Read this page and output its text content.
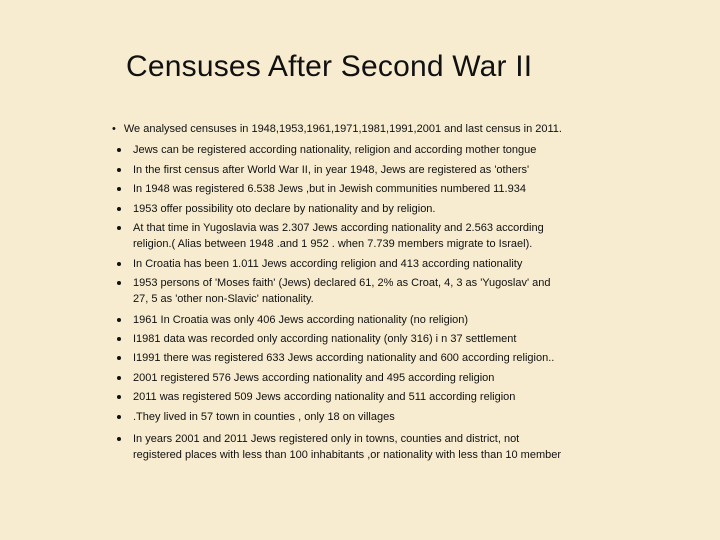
Censuses After Second War II
• We analysed censuses in 1948,1953,1961,1971,1981,1991,2001 and last census in 2011.
Jews can be registered according nationality, religion and according mother tongue
In the first census after World War II, in year 1948, Jews are registered as 'others'
In 1948 was registered 6.538 Jews ,but in Jewish communities numbered 11.934
1953 offer possibility oto declare by nationality and by religion.
At that time in Yugoslavia was 2.307 Jews according nationality and 2.563 according
religion.( Alias between 1948 .and 1 952 . when 7.739 members migrate to Israel).
In Croatia has been 1.011 Jews according religion and 413 according nationality
1953 persons of 'Moses faith' (Jews) declared 61, 2% as Croat, 4, 3 as 'Yugoslav' and
27, 5 as 'other non-Slavic' nationality.
1961 In Croatia was only 406 Jews according nationality (no religion)
I1981 data was recorded only according nationality (only 316) i n 37 settlement
I1991 there was registered 633 Jews according nationality and 600 according religion..
2001 registered 576 Jews according nationality and 495 according religion
2011 was registered 509 Jews according nationality and 511 according religion
.They lived in 57 town in counties , only 18 on villages
In years 2001 and 2011 Jews registered only in towns, counties and district, not
registered places with less than 100 inhabitants ,or nationality with less than 10 member
